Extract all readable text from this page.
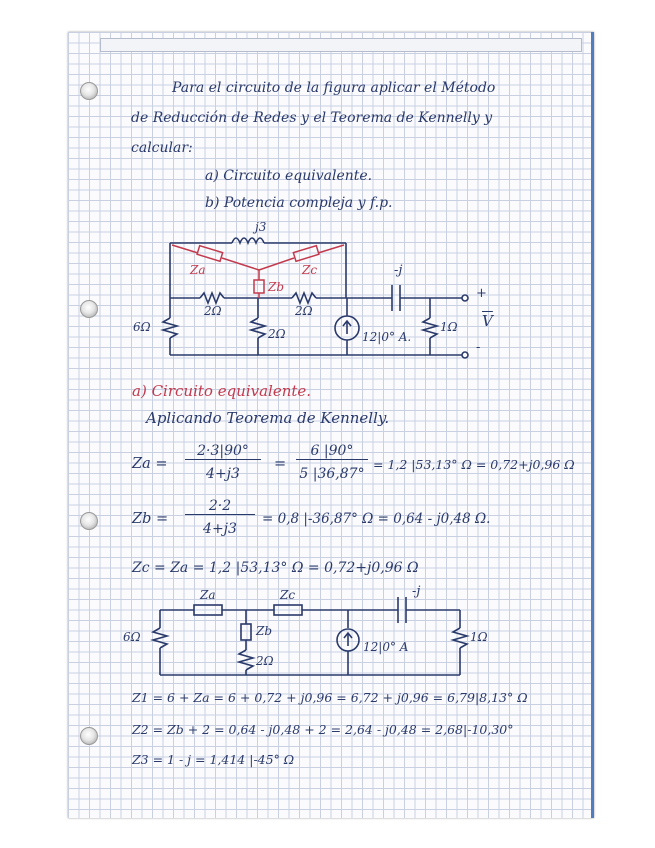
Para el circuito de la figura aplicar el Método
de Reducción de Redes y el Teorema de Kennelly y
calcular:
a) Circuito equivalente.
b) Potencia compleja y f.p.
j3
Za
Zb
Zc
6Ω
2Ω
2Ω
2Ω
-j
12|0° A.
1Ω
+
-
$\overline{V}$
a) Circuito equivalente.
Aplicando Teorema de Kennelly.
Za =
2·3|90°
4+j3
=
6 |90°
5 |36,87°
= 1,2 |53,13° Ω = 0,72+j0,96 Ω
Zb =
2·2
4+j3
= 0,8 |-36,87° Ω = 0,64 - j0,48 Ω.
Zc = Za = 1,2 |53,13° Ω = 0,72+j0,96 Ω
Za	Zc	-j
6Ω	Zb
2Ω
12|0° A
1Ω
Z1 = 6 + Za = 6 + 0,72 + j0,96 = 6,72 + j0,96 = 6,79|8,13° Ω
Z2 = Zb + 2 = 0,64 - j0,48 + 2 = 2,64 - j0,48 = 2,68|-10,30°
Z3 = 1 - j = 1,414 |-45° Ω
